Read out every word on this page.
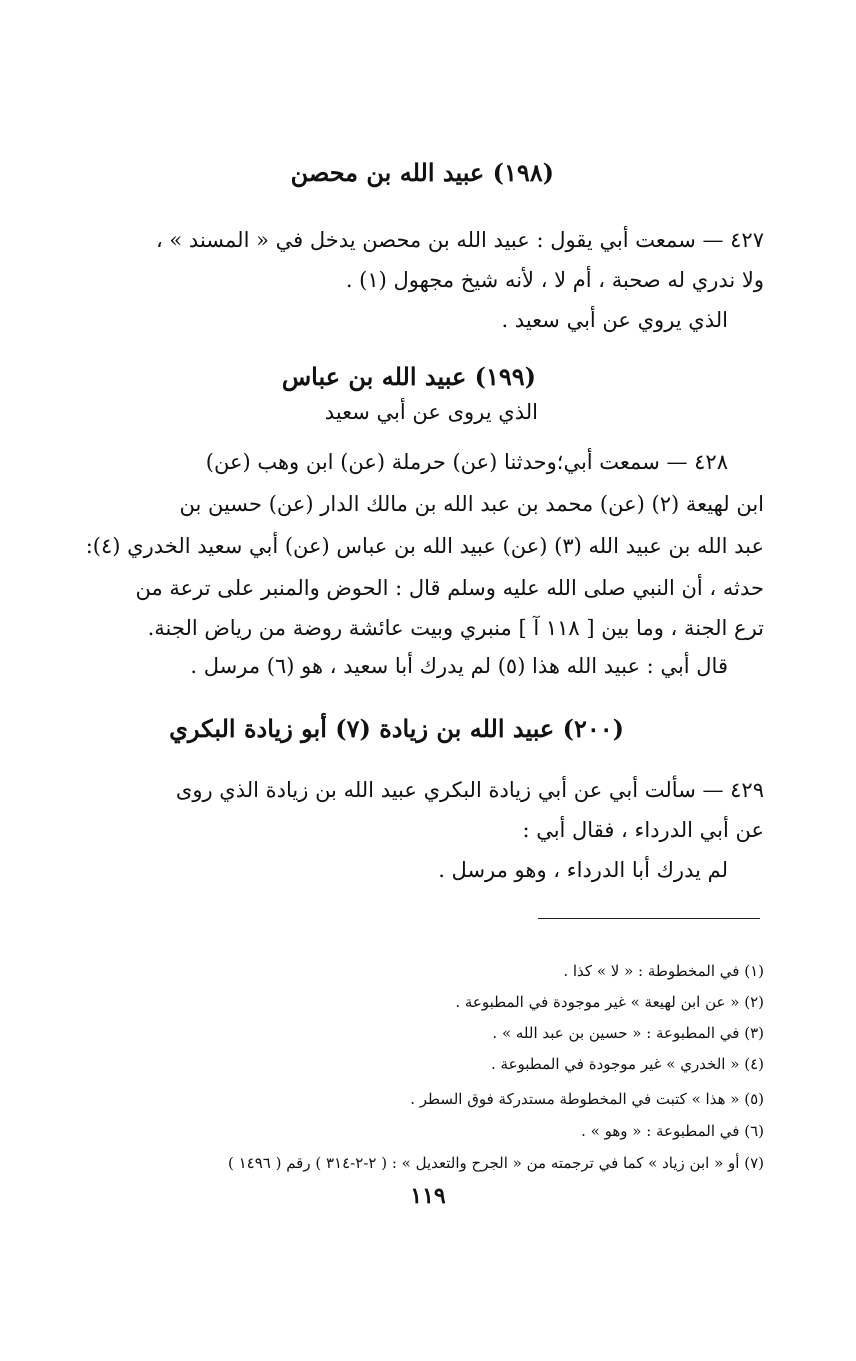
(١٩٨) عبيد الله بن محصن
٤٢٧ — سمعت أبي يقول : عبيد الله بن محصن يدخل في « المسند » ،
ولا ندري له صحبة ، أم لا ، لأنه شيخ مجهول (١) .
الذي يروي عن أبي سعيد .
(١٩٩) عبيد الله بن عباس
الذي يروى عن أبي سعيد
٤٢٨ — سمعت أبي؛وحدثنا (عن) حرملة (عن) ابن وهب (عن)
ابن لهيعة (٢) (عن) محمد بن عبد الله بن مالك الدار (عن) حسين بن
عبد الله بن عبيد الله (٣) (عن) عبيد الله بن عباس (عن) أبي سعيد الخدري (٤):
حدثه ، أن النبي صلى الله عليه وسلم قال : الحوض والمنبر على ترعة من
ترع الجنة ، وما بين [ ١١٨ آ ] منبري وبيت عائشة روضة من رياض الجنة.
قال أبي : عبيد الله هذا (٥) لم يدرك أبا سعيد ، هو (٦) مرسل .
(٢٠٠) عبيد الله بن زيادة (٧) أبو زيادة البكري
٤٢٩ — سألت أبي عن أبي زيادة البكري عبيد الله بن زيادة الذي روى
عن أبي الدرداء ، فقال أبي :
لم يدرك أبا الدرداء ، وهو مرسل .
(١) في المخطوطة : « لا » كذا .
(٢) « عن ابن لهيعة » غير موجودة في المطبوعة .
(٣) في المطبوعة : « حسين بن عبد الله » .
(٤) « الخدري » غير موجودة في المطبوعة .
(٥) « هذا » كتبت في المخطوطة مستدركة فوق السطر .
(٦) في المطبوعة : « وهو » .
(٧) أو « ابن زياد » كما في ترجمته من « الجرح والتعديل » : ( ٢-٢-٣١٤ ) رقم ( ١٤٩٦ )
١١٩
